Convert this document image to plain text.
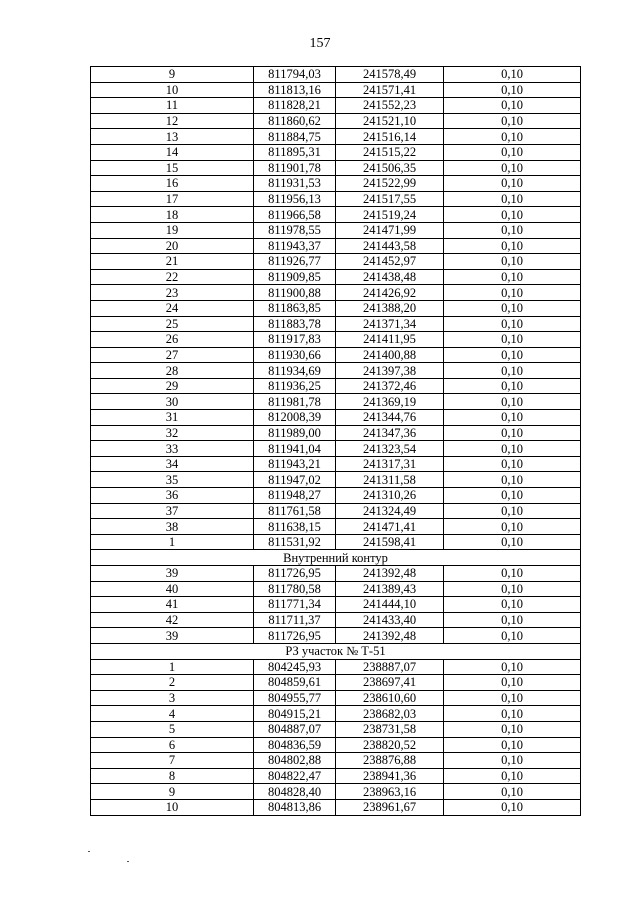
157
9	811794,03	241578,49	0,10
10	811813,16	241571,41	0,10
11	811828,21	241552,23	0,10
12	811860,62	241521,10	0,10
13	811884,75	241516,14	0,10
14	811895,31	241515,22	0,10
15	811901,78	241506,35	0,10
16	811931,53	241522,99	0,10
17	811956,13	241517,55	0,10
18	811966,58	241519,24	0,10
19	811978,55	241471,99	0,10
20	811943,37	241443,58	0,10
21	811926,77	241452,97	0,10
22	811909,85	241438,48	0,10
23	811900,88	241426,92	0,10
24	811863,85	241388,20	0,10
25	811883,78	241371,34	0,10
26	811917,83	241411,95	0,10
27	811930,66	241400,88	0,10
28	811934,69	241397,38	0,10
29	811936,25	241372,46	0,10
30	811981,78	241369,19	0,10
31	812008,39	241344,76	0,10
32	811989,00	241347,36	0,10
33	811941,04	241323,54	0,10
34	811943,21	241317,31	0,10
35	811947,02	241311,58	0,10
36	811948,27	241310,26	0,10
37	811761,58	241324,49	0,10
38	811638,15	241471,41	0,10
1	811531,92	241598,41	0,10
Внутренний контур			
39	811726,95	241392,48	0,10
40	811780,58	241389,43	0,10
41	811771,34	241444,10	0,10
42	811711,37	241433,40	0,10
39	811726,95	241392,48	0,10
РЗ участок № Т-51			
1	804245,93	238887,07	0,10
2	804859,61	238697,41	0,10
3	804955,77	238610,60	0,10
4	804915,21	238682,03	0,10
5	804887,07	238731,58	0,10
6	804836,59	238820,52	0,10
7	804802,88	238876,88	0,10
8	804822,47	238941,36	0,10
9	804828,40	238963,16	0,10
10	804813,86	238961,67	0,10
